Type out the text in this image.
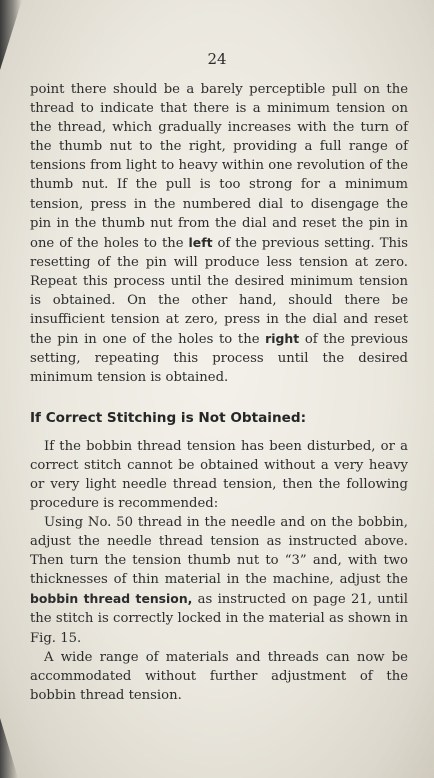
24

point there should be a barely perceptible pull on the thread to indicate that there is a minimum tension on the thread, which gradually increases with the turn of the thumb nut to the right, providing a full range of tensions from light to heavy within one revolution of the thumb nut. If the pull is too strong for a minimum tension, press in the numbered dial to disengage the pin in the thumb nut from the dial and reset the pin in one of the holes to the left of the previous setting. This resetting of the pin will produce less tension at zero. Repeat this process until the desired minimum tension is obtained. On the other hand, should there be insufficient tension at zero, press in the dial and reset the pin in one of the holes to the right of the previous setting, repeating this process until the desired minimum tension is obtained.

If Correct Stitching is Not Obtained:

If the bobbin thread tension has been disturbed, or a correct stitch cannot be obtained without a very heavy or very light needle thread tension, then the following procedure is recommended:

Using No. 50 thread in the needle and on the bobbin, adjust the needle thread tension as instructed above. Then turn the tension thumb nut to “3” and, with two thicknesses of thin material in the machine, adjust the bobbin thread tension, as instructed on page 21, until the stitch is correctly locked in the material as shown in Fig. 15.

A wide range of materials and threads can now be accommodated without further adjustment of the bobbin thread tension.
